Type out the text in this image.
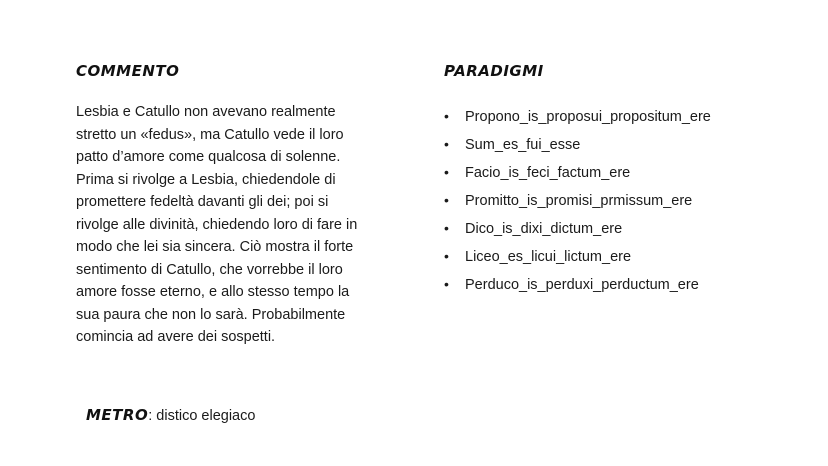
COMMENTO

Lesbia e Catullo non avevano realmente
stretto un «fedus», ma Catullo vede il loro
patto d’amore come qualcosa di solenne.
Prima si rivolge a Lesbia, chiedendole di
promettere fedeltà davanti gli dei; poi si
rivolge alle divinità, chiedendo loro di fare in
modo che lei sia sincera. Ciò mostra il forte
sentimento di Catullo, che vorrebbe il loro
amore fosse eterno, e allo stesso tempo la
sua paura che non lo sarà. Probabilmente
comincia ad avere dei sospetti.

PARADIGMI
• Propono_is_proposui_propositum_ere
• Sum_es_fui_esse
• Facio_is_feci_factum_ere
• Promitto_is_promisi_prmissum_ere
• Dico_is_dixi_dictum_ere
• Liceo_es_licui_lictum_ere
• Perduco_is_perduxi_perductum_ere
METRO: distico elegiaco
